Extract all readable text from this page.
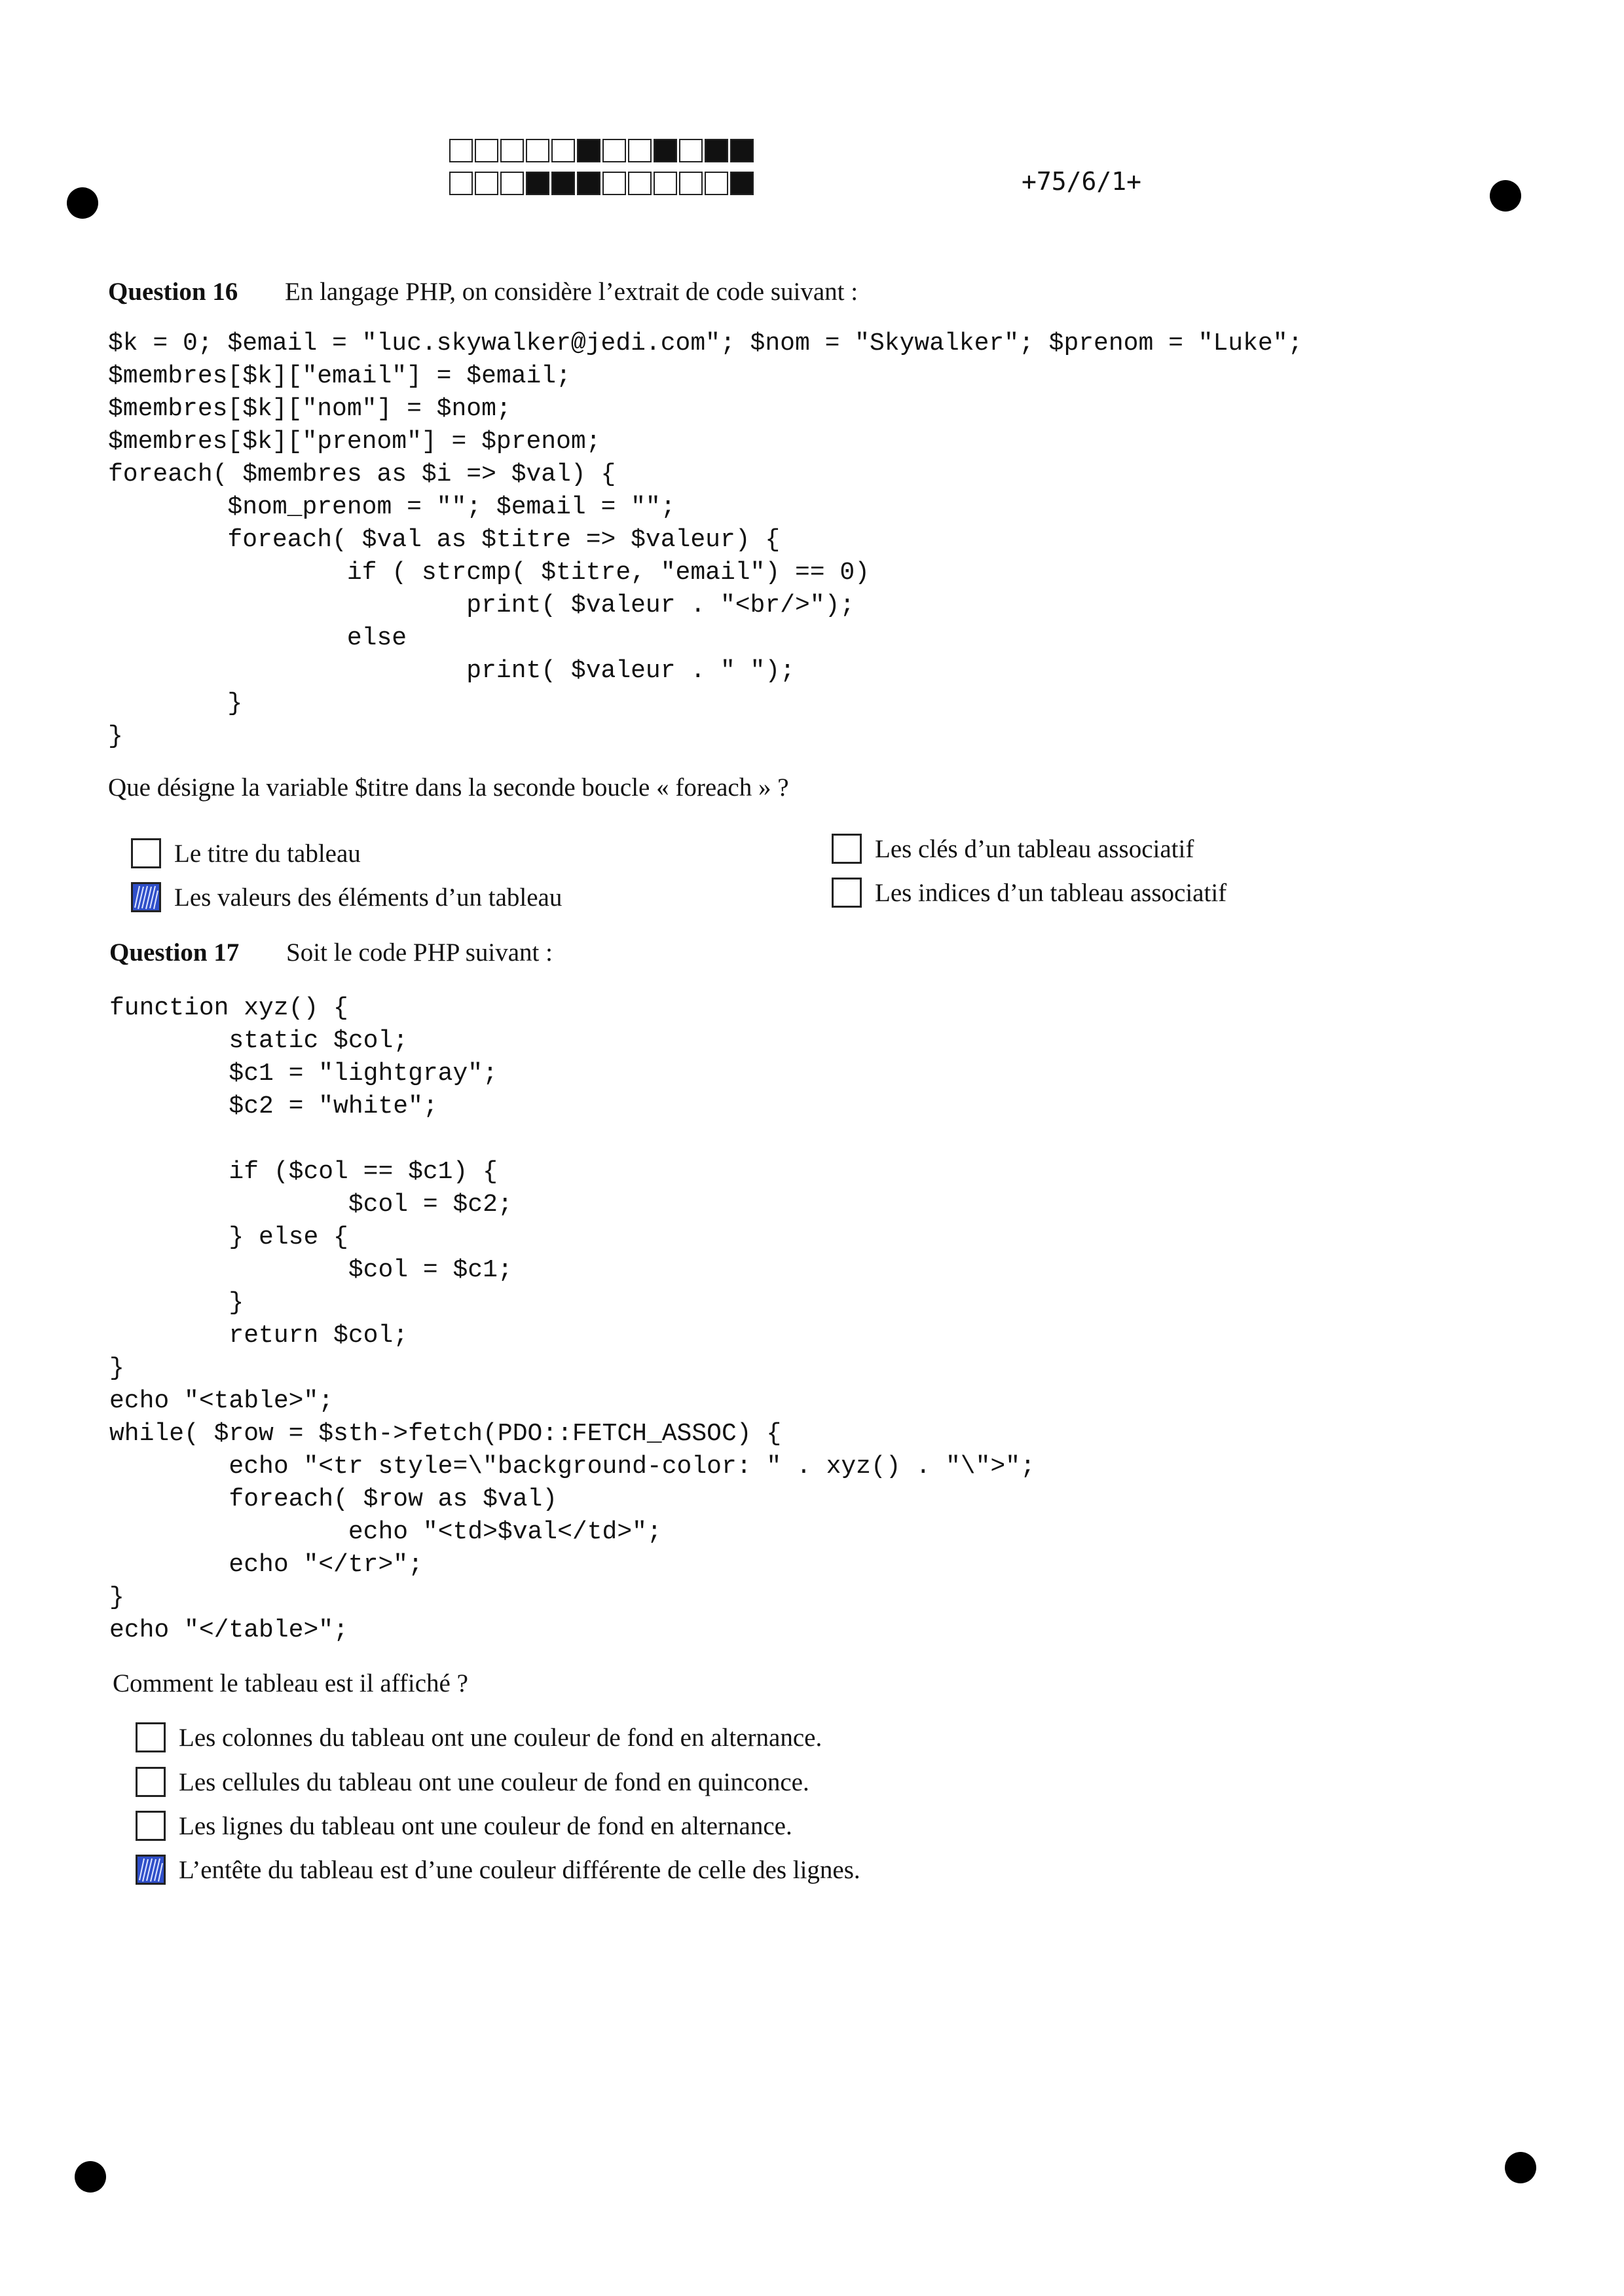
+75/6/1+
Question 16 En langage PHP, on considère l’extrait de code suivant :
$k = 0; $email = "luc.skywalker@jedi.com"; $nom = "Skywalker"; $prenom = "Luke";
$membres[$k]["email"] = $email;
$membres[$k]["nom"] = $nom;
$membres[$k]["prenom"] = $prenom;
foreach( $membres as $i => $val) {
$nom_prenom = ""; $email = "";
foreach( $val as $titre => $valeur) {
if ( strcmp( $titre, "email") == 0)
print( $valeur . "<br/>");
else
print( $valeur . " ");
}
}
Que désigne la variable $titre dans la seconde boucle « foreach » ?
Le titre du tableau
Les valeurs des éléments d’un tableau
Les clés d’un tableau associatif
Les indices d’un tableau associatif
Question 17 Soit le code PHP suivant :
function xyz() {
static $col;
$c1 = "lightgray";
$c2 = "white";

if ($col == $c1) {
$col = $c2;
} else {
$col = $c1;
}
return $col;
}
echo "<table>";
while( $row = $sth->fetch(PDO::FETCH_ASSOC) {
echo "<tr style=\"background-color: " . xyz() . "\">";
foreach( $row as $val)
echo "<td>$val</td>";
echo "</tr>";
}
echo "</table>";
Comment le tableau est il affiché ?
Les colonnes du tableau ont une couleur de fond en alternance.
Les cellules du tableau ont une couleur de fond en quinconce.
Les lignes du tableau ont une couleur de fond en alternance.
L’entête du tableau est d’une couleur différente de celle des lignes.
